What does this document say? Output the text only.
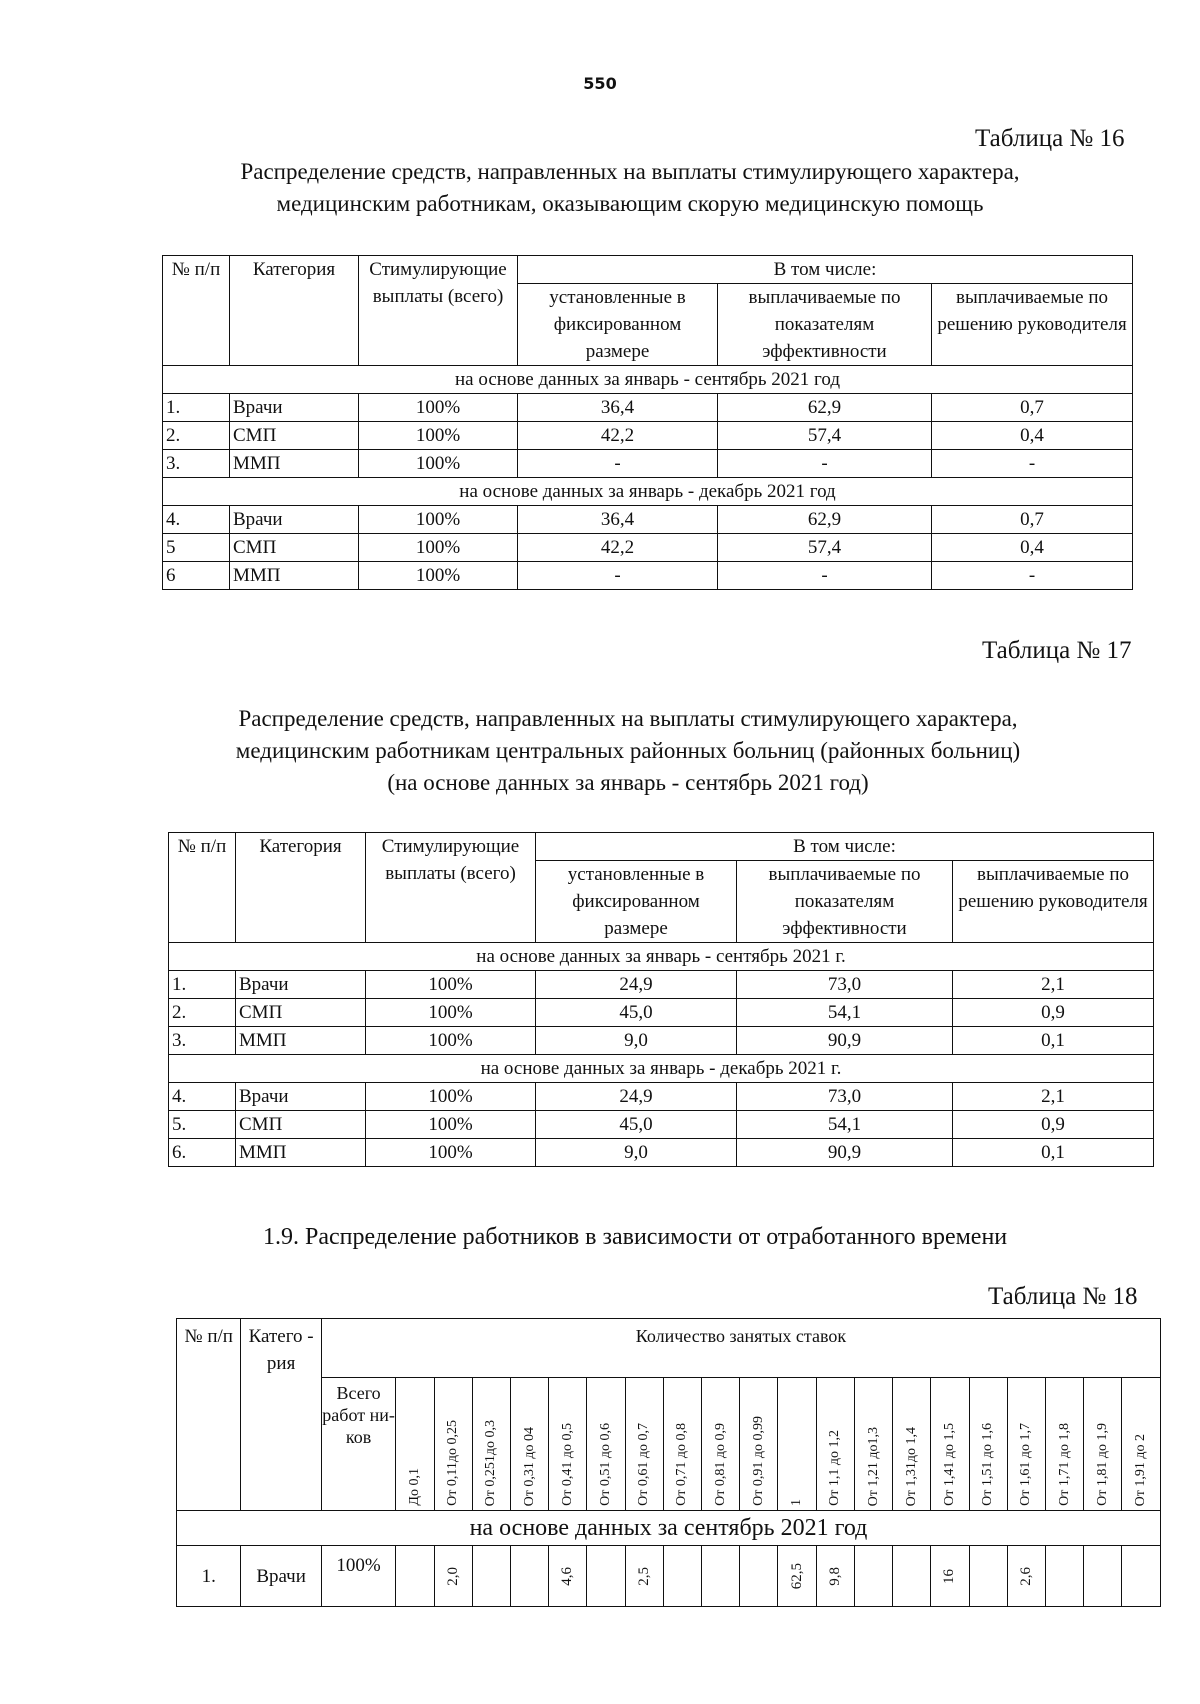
550
Таблица № 16
Распределение средств, направленных на выплаты стимулирующего характера,
медицинским работникам, оказывающим скорую медицинскую помощь
№ п/п	Категория	Стимулирующие выплаты (всего)	В том числе:		
			установленные в фиксированном размере	выплачиваемые по показателям эффективности	выплачиваемые по решению руководителя
на основе данных за январь - сентябрь 2021 год					
1.	Врачи	100%	36,4	62,9	0,7
2.	СМП	100%	42,2	57,4	0,4
3.	ММП	100%	-	-	-
на основе данных за январь - декабрь 2021 год					
4.	Врачи	100%	36,4	62,9	0,7
5	СМП	100%	42,2	57,4	0,4
6	ММП	100%	-	-	-
Таблица № 17
Распределение средств, направленных на выплаты стимулирующего характера,
медицинским работникам центральных районных больниц (районных больниц)
(на основе данных за январь - сентябрь 2021 год)
№ п/п	Категория	Стимулирующие выплаты (всего)	В том числе:		
			установленные в фиксированном размере	выплачиваемые по показателям эффективности	выплачиваемые по решению руководителя
на основе данных за январь - сентябрь 2021 г.					
1.	Врачи	100%	24,9	73,0	2,1
2.	СМП	100%	45,0	54,1	0,9
3.	ММП	100%	9,0	90,9	0,1
на основе данных за январь - декабрь 2021 г.					
4.	Врачи	100%	24,9	73,0	2,1
5.	СМП	100%	45,0	54,1	0,9
6.	ММП	100%	9,0	90,9	0,1
1.9. Распределение работников в зависимости от отработанного времени
Таблица № 18
№ п/п	Катего - рия	Количество занятых ставок																				
		Всего работ ни-ков	До 0,1	От 0,11до 0,25	От 0,251до 0,3	От 0,31 до 04	От 0,41 до 0,5	От 0,51 до 0,6	От 0,61 до 0,7	От 0,71 до 0,8	От 0,81 до 0,9	От 0,91 до 0,99	1	От 1,1 до 1,2	От 1,21 до1,3	От 1,31до 1,4	От 1,41 до 1,5	От 1,51 до 1,6	От 1,61 до 1,7	От 1,71 до 1,8	От 1,81 до 1,9	От 1,91 до 2

на основе данных за сентябрь 2021 год																						
1.	Врачи	100%		2,0			4,6		2,5				62,5	9,8			16		2,6			
